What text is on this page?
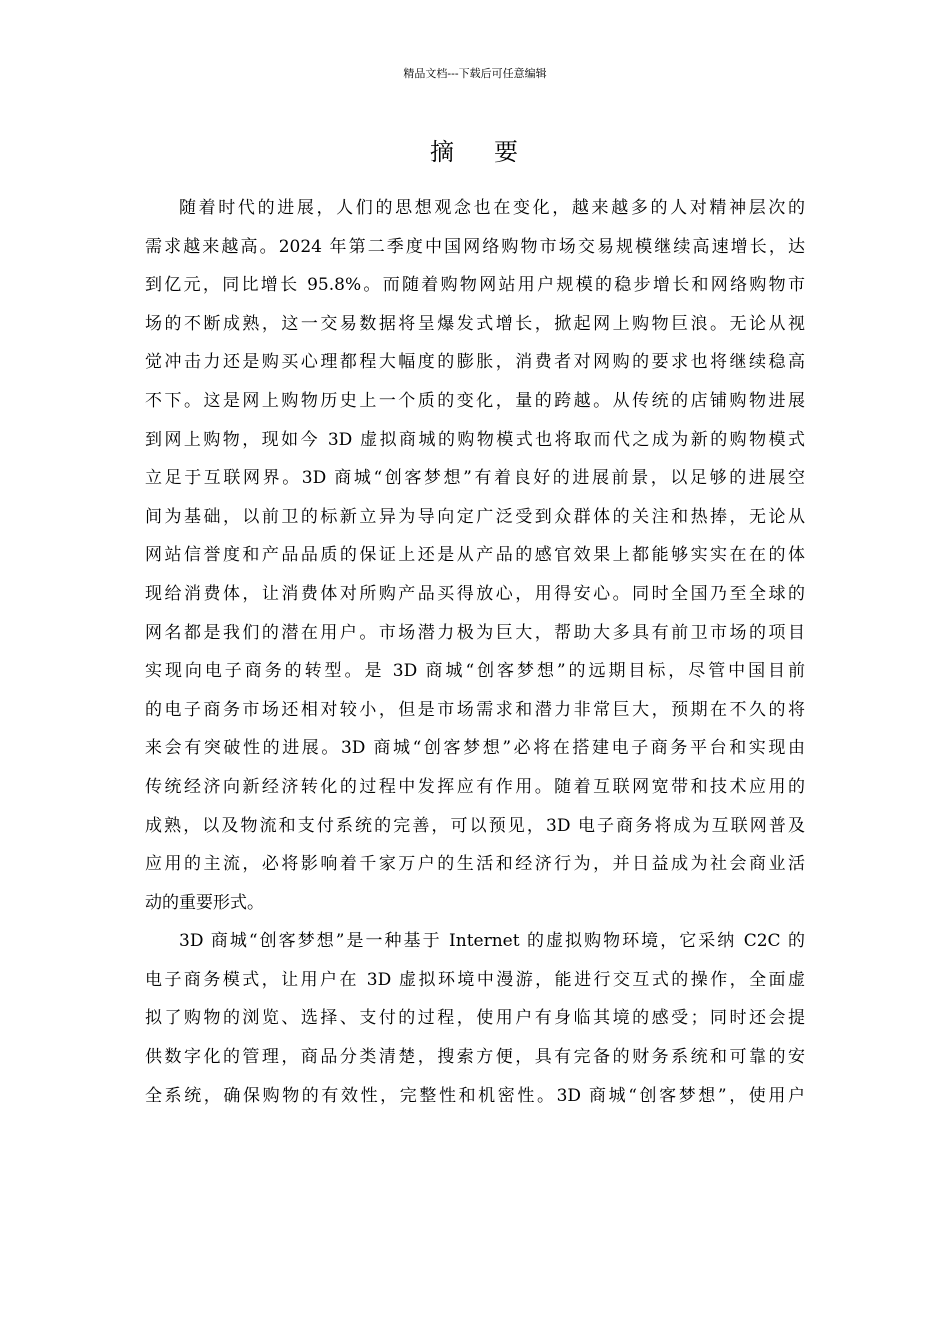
精品文档---下载后可任意编辑
摘 要
随着时代的进展，人们的思想观念也在变化，越来越多的人对精神层次的
需求越来越高。2024 年第二季度中国网络购物市场交易规模继续高速增长，达
到亿元，同比增长 95.8%。而随着购物网站用户规模的稳步增长和网络购物市
场的不断成熟，这一交易数据将呈爆发式增长，掀起网上购物巨浪。无论从视
觉冲击力还是购买心理都程大幅度的膨胀，消费者对网购的要求也将继续稳高
不下。这是网上购物历史上一个质的变化，量的跨越。从传统的店铺购物进展
到网上购物，现如今 3D 虚拟商城的购物模式也将取而代之成为新的购物模式
立足于互联网界。3D 商城“创客梦想”有着良好的进展前景，以足够的进展空
间为基础，以前卫的标新立异为导向定广泛受到众群体的关注和热捧，无论从
网站信誉度和产品品质的保证上还是从产品的感官效果上都能够实实在在的体
现给消费体，让消费体对所购产品买得放心，用得安心。同时全国乃至全球的
网名都是我们的潜在用户。市场潜力极为巨大，帮助大多具有前卫市场的项目
实现向电子商务的转型。是 3D 商城“创客梦想”的远期目标，尽管中国目前
的电子商务市场还相对较小，但是市场需求和潜力非常巨大，预期在不久的将
来会有突破性的进展。3D 商城“创客梦想”必将在搭建电子商务平台和实现由
传统经济向新经济转化的过程中发挥应有作用。随着互联网宽带和技术应用的
成熟，以及物流和支付系统的完善，可以预见，3D 电子商务将成为互联网普及
应用的主流，必将影响着千家万户的生活和经济行为，并日益成为社会商业活
动的重要形式。
3D 商城“创客梦想”是一种基于 Internet 的虚拟购物环境，它采纳 C2C 的
电子商务模式，让用户在 3D 虚拟环境中漫游，能进行交互式的操作，全面虚
拟了购物的浏览、选择、支付的过程，使用户有身临其境的感受；同时还会提
供数字化的管理，商品分类清楚，搜索方便，具有完备的财务系统和可靠的安
全系统，确保购物的有效性，完整性和机密性。3D 商城“创客梦想”，使用户
